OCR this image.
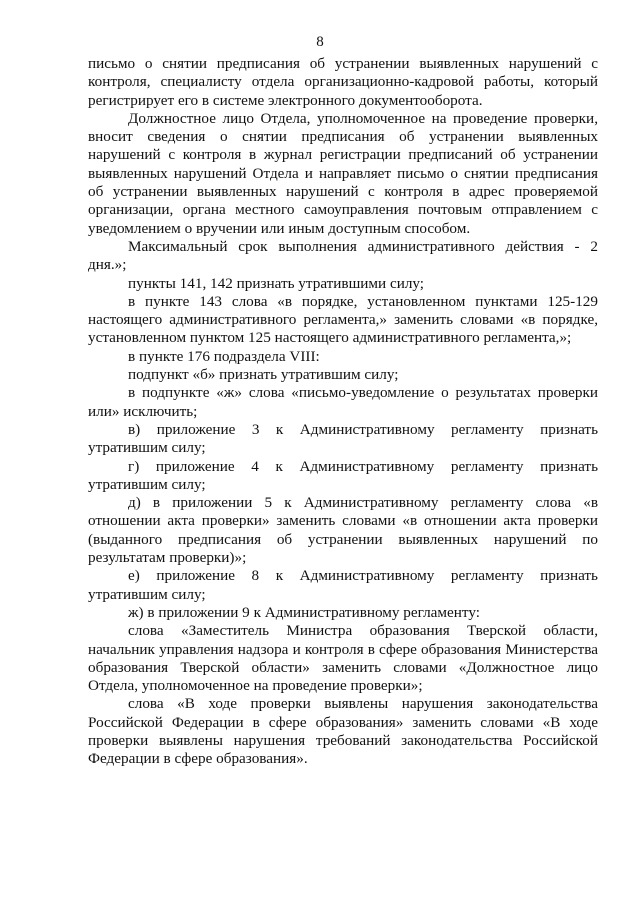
8

письмо о снятии предписания об устранении выявленных нарушений с контроля, специалисту отдела организационно-кадровой работы, который регистрирует его в системе электронного документооборота.

Должностное лицо Отдела, уполномоченное на проведение проверки, вносит сведения о снятии предписания об устранении выявленных нарушений с контроля в журнал регистрации предписаний об устранении выявленных нарушений Отдела и направляет письмо о снятии предписания об устранении выявленных нарушений с контроля в адрес проверяемой организации, органа местного самоуправления почтовым отправлением с уведомлением о вручении или иным доступным способом.

Максимальный срок выполнения административного действия - 2 дня.»;

пункты 141, 142 признать утратившими силу;

в пункте 143 слова «в порядке, установленном пунктами 125-129 настоящего административного регламента,» заменить словами «в порядке, установленном пунктом 125 настоящего административного регламента,»;

в пункте 176 подраздела VIII:

подпункт «б» признать утратившим силу;

в подпункте «ж» слова «письмо-уведомление о результатах проверки или» исключить;

в) приложение 3 к Административному регламенту признать утратившим силу;

г) приложение 4 к Административному регламенту признать утратившим силу;

д) в приложении 5 к Административному регламенту слова «в отношении акта проверки» заменить словами «в отношении акта проверки (выданного предписания об устранении выявленных нарушений по результатам проверки)»;

е) приложение 8 к Административному регламенту признать утратившим силу;

ж) в приложении 9 к Административному регламенту:

слова «Заместитель Министра образования Тверской области, начальник управления надзора и контроля в сфере образования Министерства образования Тверской области» заменить словами «Должностное лицо Отдела, уполномоченное на проведение проверки»;

слова «В ходе проверки выявлены нарушения законодательства Российской Федерации в сфере образования» заменить словами «В ходе проверки выявлены нарушения требований законодательства Российской Федерации в сфере образования».
